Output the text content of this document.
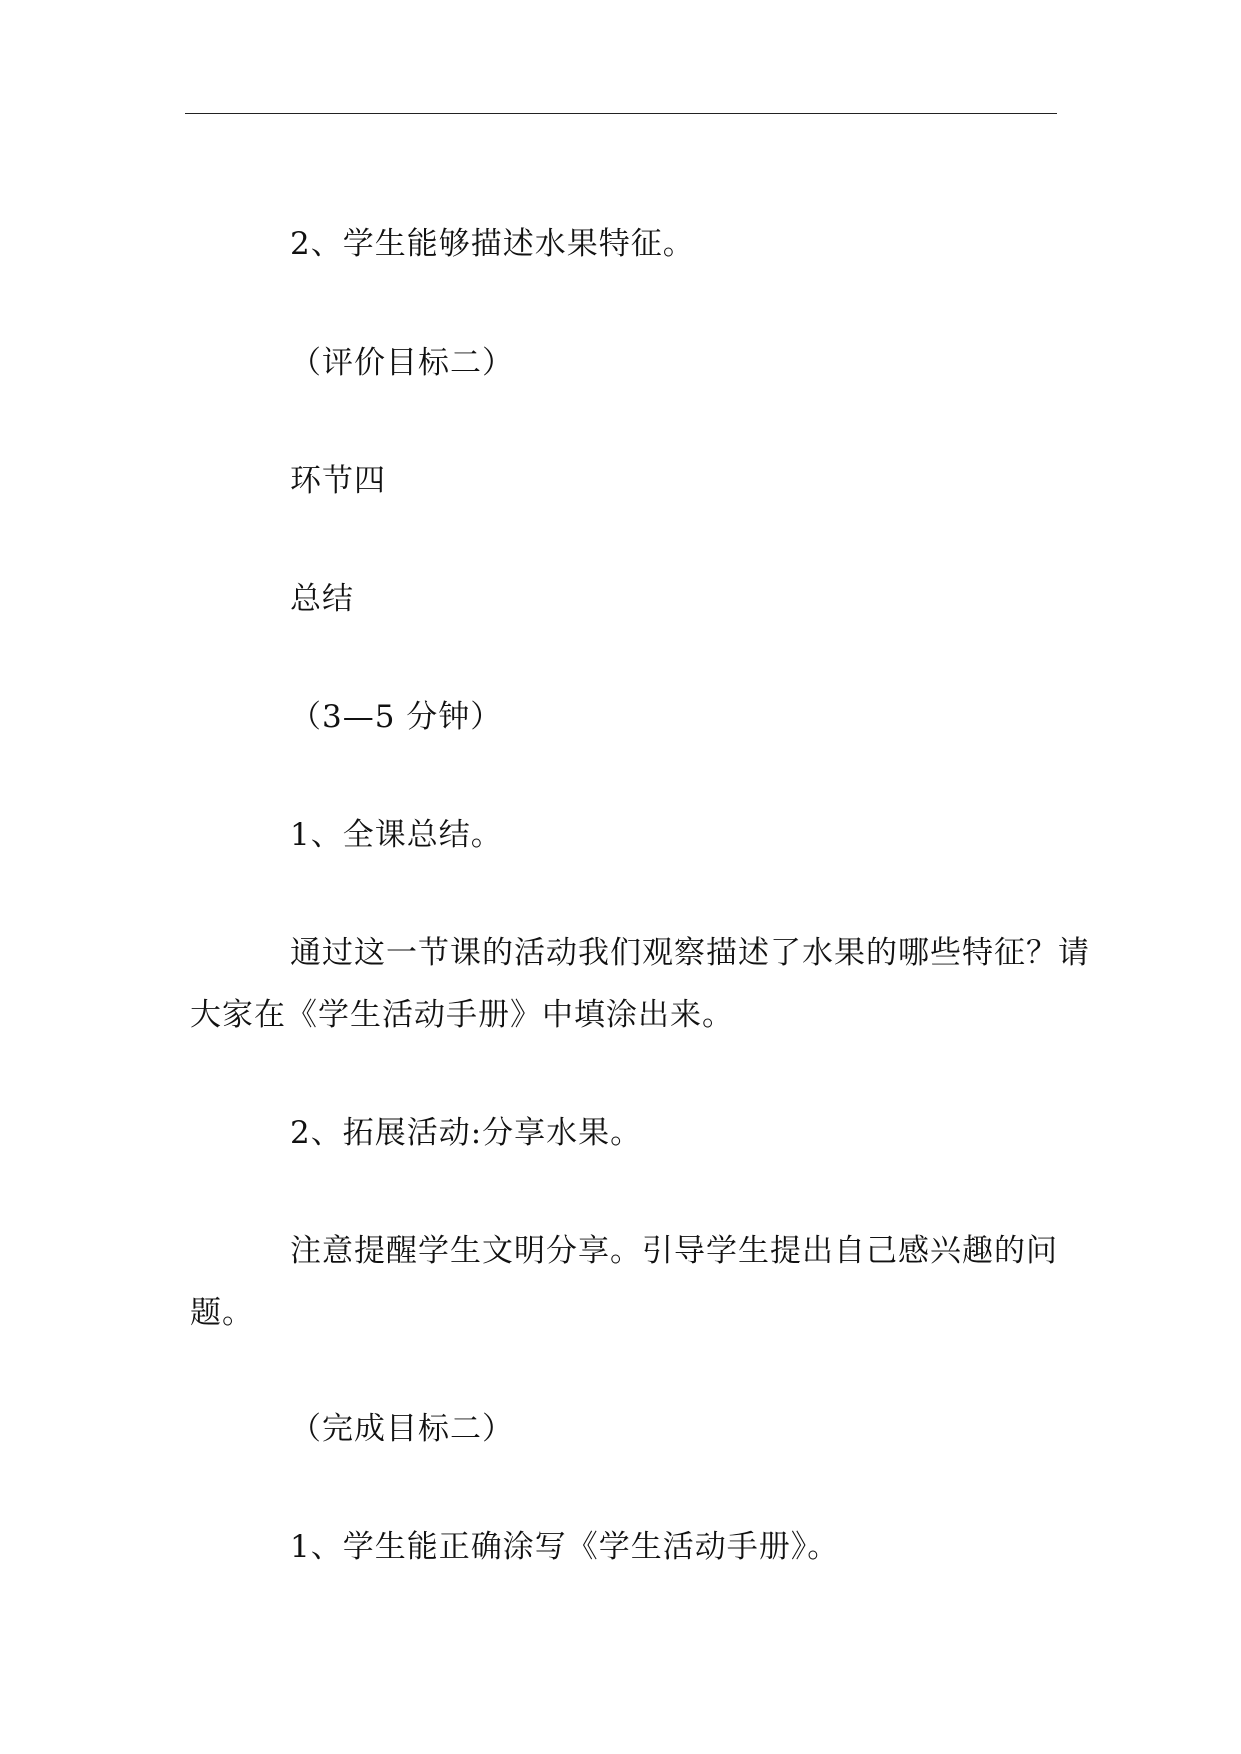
2、学生能够描述水果特征。

（评价目标二）

环节四

总结

（3—5 分钟）

1、全课总结。

通过这一节课的活动我们观察描述了水果的哪些特征？请大家在《学生活动手册》中填涂出来。

2、拓展活动:分享水果。

注意提醒学生文明分享。引导学生提出自己感兴趣的问题。

（完成目标二）

1、学生能正确涂写《学生活动手册》。
